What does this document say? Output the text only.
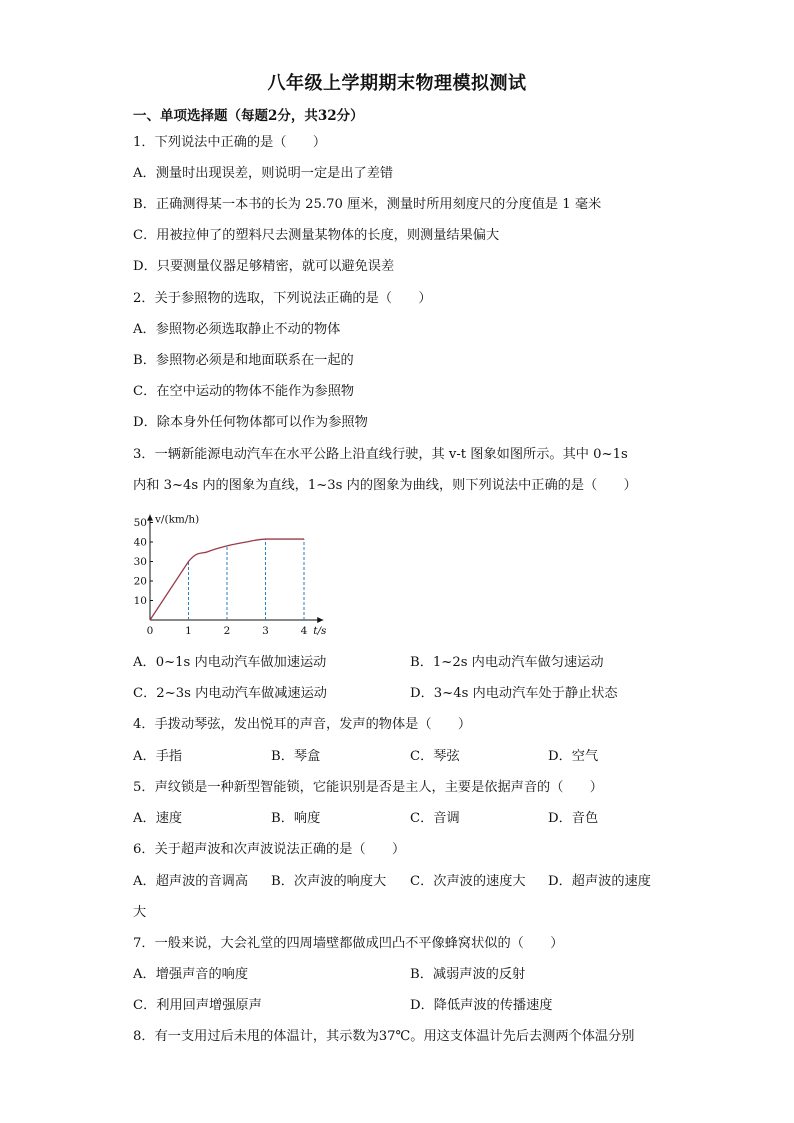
八年级上学期期末物理模拟测试
一、单项选择题（每题2分，共32分）
1．下列说法中正确的是（　　）
A．测量时出现误差，则说明一定是出了差错
B．正确测得某一本书的长为 25.70 厘米，测量时所用刻度尺的分度值是 1 毫米
C．用被拉伸了的塑料尺去测量某物体的长度，则测量结果偏大
D．只要测量仪器足够精密，就可以避免误差
2．关于参照物的选取，下列说法正确的是（　　）
A．参照物必须选取静止不动的物体
B．参照物必须是和地面联系在一起的
C．在空中运动的物体不能作为参照物
D．除本身外任何物体都可以作为参照物
3．一辆新能源电动汽车在水平公路上沿直线行驶，其 v-t 图象如图所示。其中 0~1s
内和 3~4s 内的图象为直线，1~3s 内的图象为曲线，则下列说法中正确的是（　　）
10
20
30
40
50
0	1	2	3	4
v/(km/h)
t/s
A．0~1s 内电动汽车做加速运动	B．1~2s 内电动汽车做匀速运动
C．2~3s 内电动汽车做减速运动	D．3~4s 内电动汽车处于静止状态
4．手拨动琴弦，发出悦耳的声音，发声的物体是（　　）
A．手指	B．琴盒	C．琴弦	D．空气
5．声纹锁是一种新型智能锁，它能识别是否是主人，主要是依据声音的（　　）
A．速度	B．响度	C．音调	D．音色
6．关于超声波和次声波说法正确的是（　　）
A．超声波的音调高 B．次声波的响度大 C．次声波的速度大 D．超声波的速度
大
7．一般来说，大会礼堂的四周墙壁都做成凹凸不平像蜂窝状似的（　　）
A．增强声音的响度	B．减弱声波的反射
C．利用回声增强原声	D．降低声波的传播速度
8．有一支用过后未甩的体温计，其示数为37℃。用这支体温计先后去测两个体温分别
